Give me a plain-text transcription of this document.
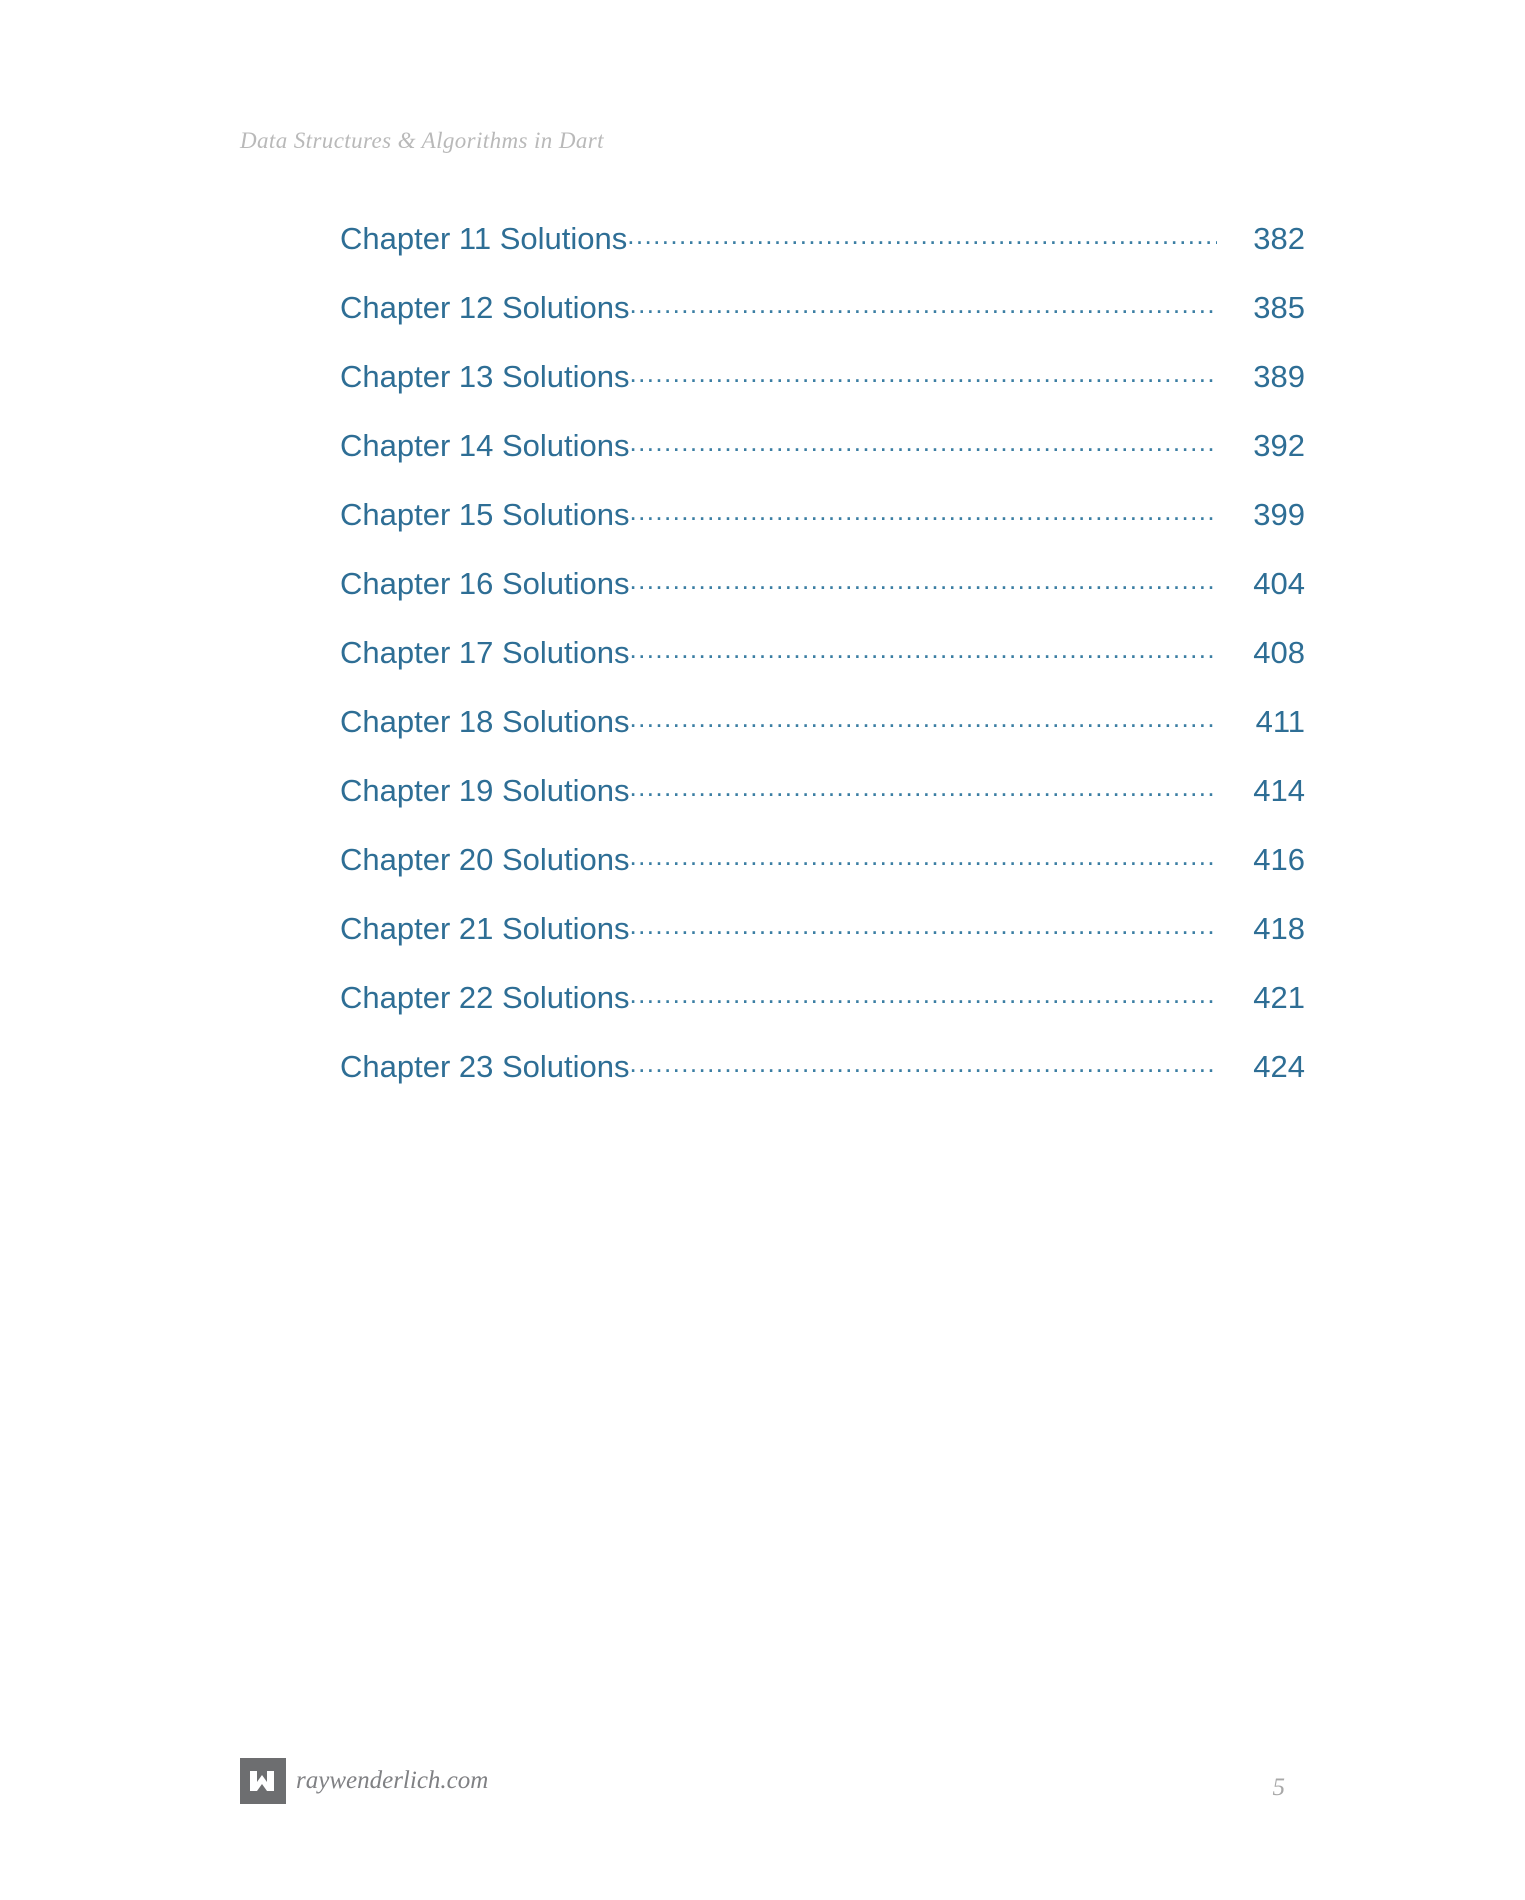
Data Structures & Algorithms in Dart
Chapter 11 Solutions .....	382
Chapter 12 Solutions .....	385
Chapter 13 Solutions .....	389
Chapter 14 Solutions .....	392
Chapter 15 Solutions .....	399
Chapter 16 Solutions .....	404
Chapter 17 Solutions .....	408
Chapter 18 Solutions .....	411
Chapter 19 Solutions .....	414
Chapter 20 Solutions .....	416
Chapter 21 Solutions .....	418
Chapter 22 Solutions .....	421
Chapter 23 Solutions .....	424
raywenderlich.com	5
